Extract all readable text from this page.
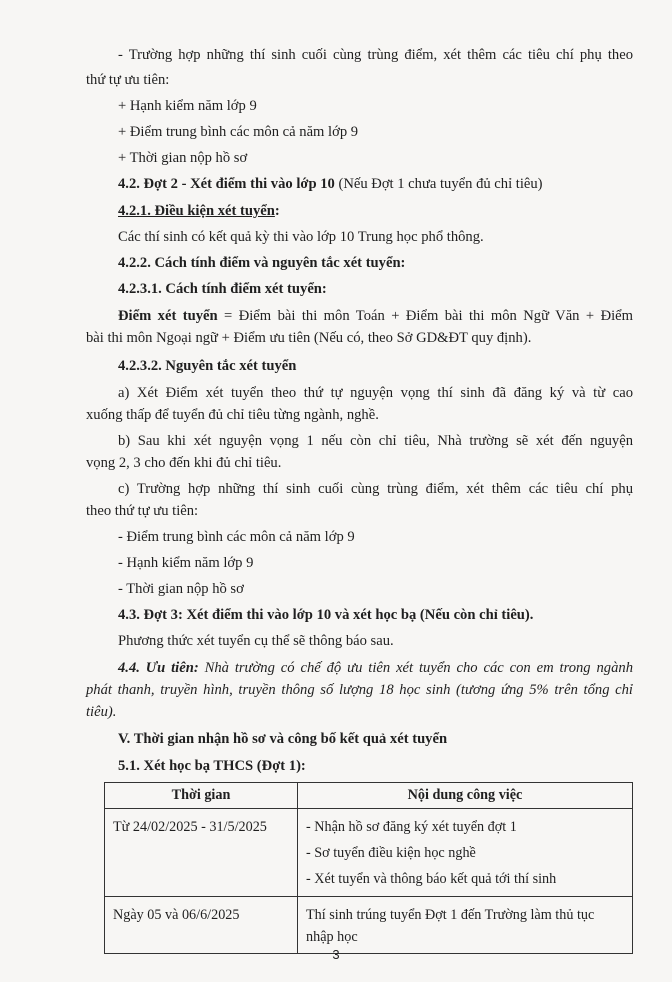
- Trường hợp những thí sinh cuối cùng trùng điểm, xét thêm các tiêu chí phụ theo
thứ tự ưu tiên:
+ Hạnh kiểm năm lớp 9
+ Điểm trung bình các môn cả năm lớp 9
+ Thời gian nộp hồ sơ
4.2. Đợt 2 - Xét điểm thi vào lớp 10 (Nếu Đợt 1 chưa tuyển đủ chỉ tiêu)
4.2.1. Điều kiện xét tuyển:
Các thí sinh có kết quả kỳ thi vào lớp 10 Trung học phổ thông.
4.2.2. Cách tính điểm và nguyên tắc xét tuyển:
4.2.3.1. Cách tính điểm xét tuyển:
Điểm xét tuyển = Điểm bài thi môn Toán + Điểm bài thi môn Ngữ Văn + Điểm
bài thi môn Ngoại ngữ + Điểm ưu tiên (Nếu có, theo Sở GD&ĐT quy định).
4.2.3.2. Nguyên tắc xét tuyển
a) Xét Điểm xét tuyển theo thứ tự nguyện vọng thí sinh đã đăng ký và từ cao
xuống thấp để tuyển đủ chỉ tiêu từng ngành, nghề.
b) Sau khi xét nguyện vọng 1 nếu còn chỉ tiêu, Nhà trường sẽ xét đến nguyện
vọng 2, 3 cho đến khi đủ chỉ tiêu.
c) Trường hợp những thí sinh cuối cùng trùng điểm, xét thêm các tiêu chí phụ
theo thứ tự ưu tiên:
- Điểm trung bình các môn cả năm lớp 9
- Hạnh kiểm năm lớp 9
- Thời gian nộp hồ sơ
4.3. Đợt 3: Xét điểm thi vào lớp 10 và xét học bạ (Nếu còn chỉ tiêu).
Phương thức xét tuyển cụ thể sẽ thông báo sau.
4.4. Ưu tiên: Nhà trường có chế độ ưu tiên xét tuyển cho các con em trong ngành
phát thanh, truyền hình, truyền thông số lượng 18 học sinh (tương ứng 5% trên tổng chỉ
tiêu).
V. Thời gian nhận hồ sơ và công bố kết quả xét tuyển
5.1. Xét học bạ THCS (Đợt 1):
Thời gian	Nội dung công việc

Từ 24/02/2025 - 31/5/2025	- Nhận hồ sơ đăng ký xét tuyển đợt 1
- Sơ tuyển điều kiện học nghề
- Xét tuyển và thông báo kết quả tới thí sinh

Ngày 05 và 06/6/2025	Thí sinh trúng tuyển Đợt 1 đến Trường làm thủ tục
nhập học
3
